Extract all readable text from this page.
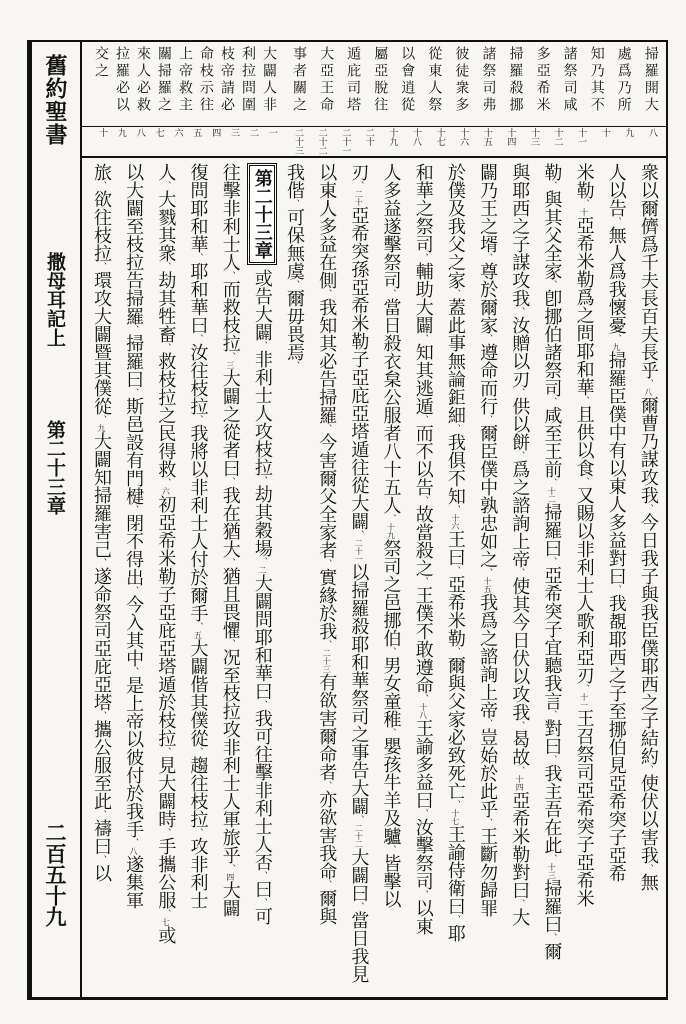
舊約聖書
撒母耳記上
第二十三章
二百五十九
掃羅開大
處爲乃所
知乃其不
諸祭司咸
多亞希米
掃羅殺挪
諸祭司弗
彼徒衆多
從東人祭
以會逍從
屬亞脫往
遁庇司塔
大亞王命
事者關之
大闢人非
利拉問圍
枝帝請必
命枝示往
上帝救主
關掃羅之
來人必救
拉羅必以
交之
八
九
十
十一
十二
十三
十四
十五
十六
十七
十八
十九
二十
二十一
二十二
二十三
一
二
三
四
五
六
七
八
九
十
衆以爾儕爲千夫長百夫長乎、八爾曹乃謀攻我、今日我子與我臣僕耶西之子結約、使伏以害我、無
人以告、無人爲我懷憂、九掃羅臣僕中有以東人多益對曰、我覩耶西之子至挪伯見亞希突子亞希
米勒、十亞希米勒爲之問耶和華、且供以食、又賜以非利士人歌利亞刃、十一王召祭司亞希突子亞希米
勒、與其父全家、卽挪伯諸祭司、咸至王前、十二掃羅曰、亞希突子宜聽我言、對曰、我主吾在此、十三掃羅曰、爾
與耶西之子謀攻我、汝贈以刃、供以餅、爲之諮詢上帝、使其今日伏以攻我、曷故、十四亞希米勒對曰、大
闢乃王之壻、尊於爾家、遵命而行、爾臣僕中孰忠如之、十五我爲之諮詢上帝、豈始於此乎、王斷勿歸罪
於僕及我父之家、蓋此事無論鉅細、我俱不知、十六王曰、亞希米勒、爾與父家必致死亡、十七王諭侍衛曰、耶
和華之祭司、輔助大闢、知其逃遁、而不以告、故當殺之、王僕不敢遵命、十八王諭多益曰、汝擊祭司、以東
人多益遂擊祭司、當日殺衣枲公服者八十五人、十九祭司之邑挪伯、男女童稚、嬰孩牛羊及驢、皆擊以
刃、二十亞希突孫亞希米勒子亞庇亞塔遁往從大闢、二十一以掃羅殺耶和華祭司之事告大闢、二十二大闢曰、當日我見
以東人多益在側、我知其必告掃羅、今害爾父全家者、實緣於我、二十三有欲害爾命者、亦欲害我命、爾與
我偕、可保無虞、爾毋畏焉、
第二十三章或告大闢、非利士人攻枝拉、劫其穀場、二大闢問耶和華曰、我可往擊非利士人否、曰、可
往擊非利士人、而救枝拉、三大闢之從者曰、我在猶大、猶且畏懼、况至枝拉攻非利士人軍旅乎、四大闢
復問耶和華、耶和華曰、汝往枝拉、我將以非利士人付於爾手、五大闢偕其僕從、趨往枝拉、攻非利士
人、大戮其衆、劫其牲畜、救枝拉之民得救、六初亞希米勒子亞庇亞塔遁於枝拉、見大闢時、手攜公服、七或
以大闢至枝拉告掃羅、掃羅曰、斯邑設有門楗、閉不得出、今入其中、是上帝以彼付於我手、八遂集軍
旅、欲往枝拉、環攻大闢暨其僕從、九大闢知掃羅害己、遂命祭司亞庇亞塔、攜公服至此、禱曰、以
